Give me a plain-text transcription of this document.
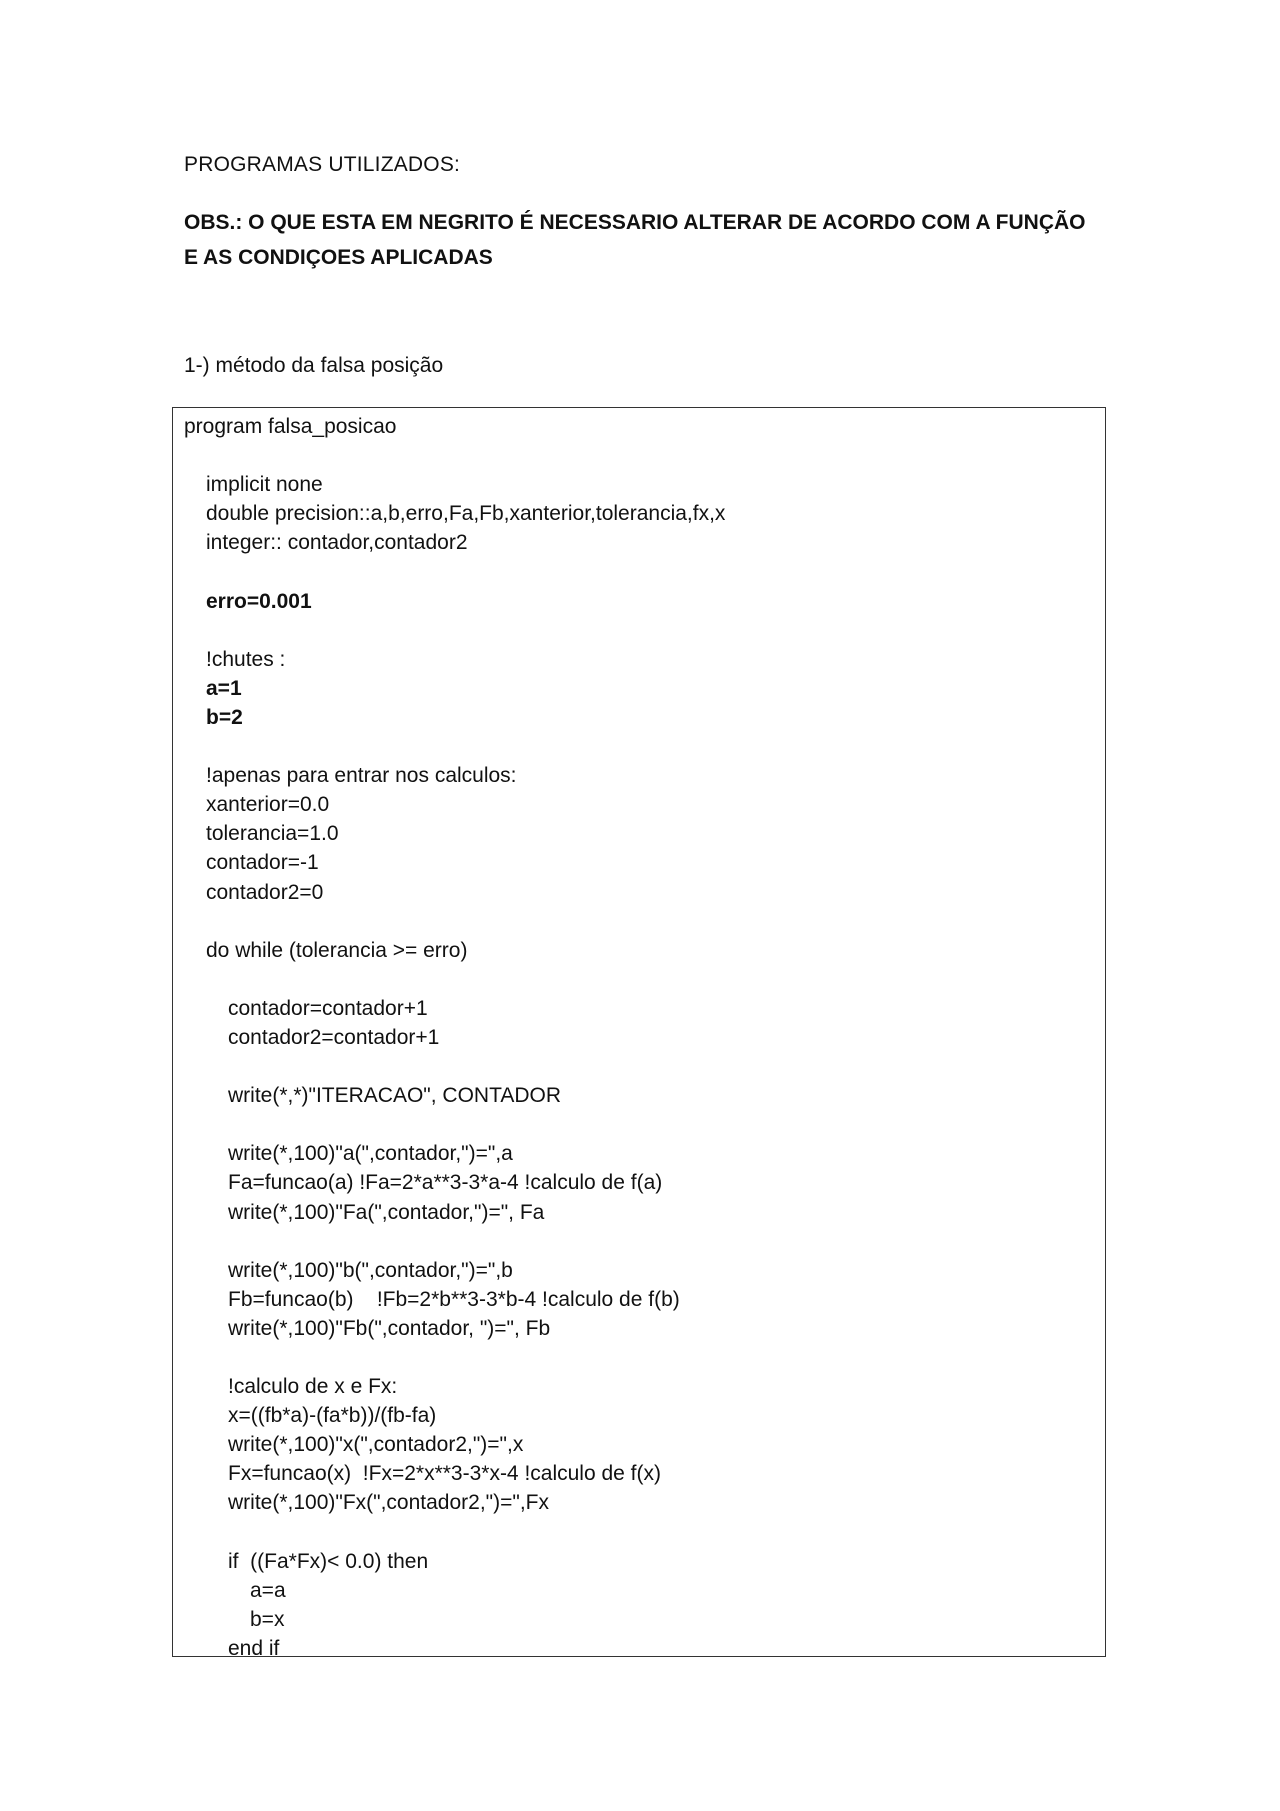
PROGRAMAS UTILIZADOS:
OBS.: O QUE ESTA EM NEGRITO É NECESSARIO ALTERAR DE ACORDO COM A FUNÇÃO E AS CONDIÇOES APLICADAS
1-) método da falsa posição
program falsa_posicao
implicit none
double precision::a,b,erro,Fa,Fb,xanterior,tolerancia,fx,x
integer:: contador,contador2
erro=0.001
!chutes :
a=1
b=2
!apenas para entrar nos calculos:
xanterior=0.0
tolerancia=1.0
contador=-1
contador2=0
do while (tolerancia >= erro)
contador=contador+1
contador2=contador+1
write(*,*)"ITERACAO", CONTADOR
write(*,100)"a(",contador,")=",a
Fa=funcao(a) !Fa=2*a**3-3*a-4 !calculo de f(a)
write(*,100)"Fa(",contador,")=", Fa
write(*,100)"b(",contador,")=",b
Fb=funcao(b)    !Fb=2*b**3-3*b-4 !calculo de f(b)
write(*,100)"Fb(",contador, ")=", Fb
!calculo de x e Fx:
x=((fb*a)-(fa*b))/(fb-fa)
write(*,100)"x(",contador2,")=",x
Fx=funcao(x)  !Fx=2*x**3-3*x-4 !calculo de f(x)
write(*,100)"Fx(",contador2,")=",Fx
if  ((Fa*Fx)< 0.0) then
a=a
b=x
end if
